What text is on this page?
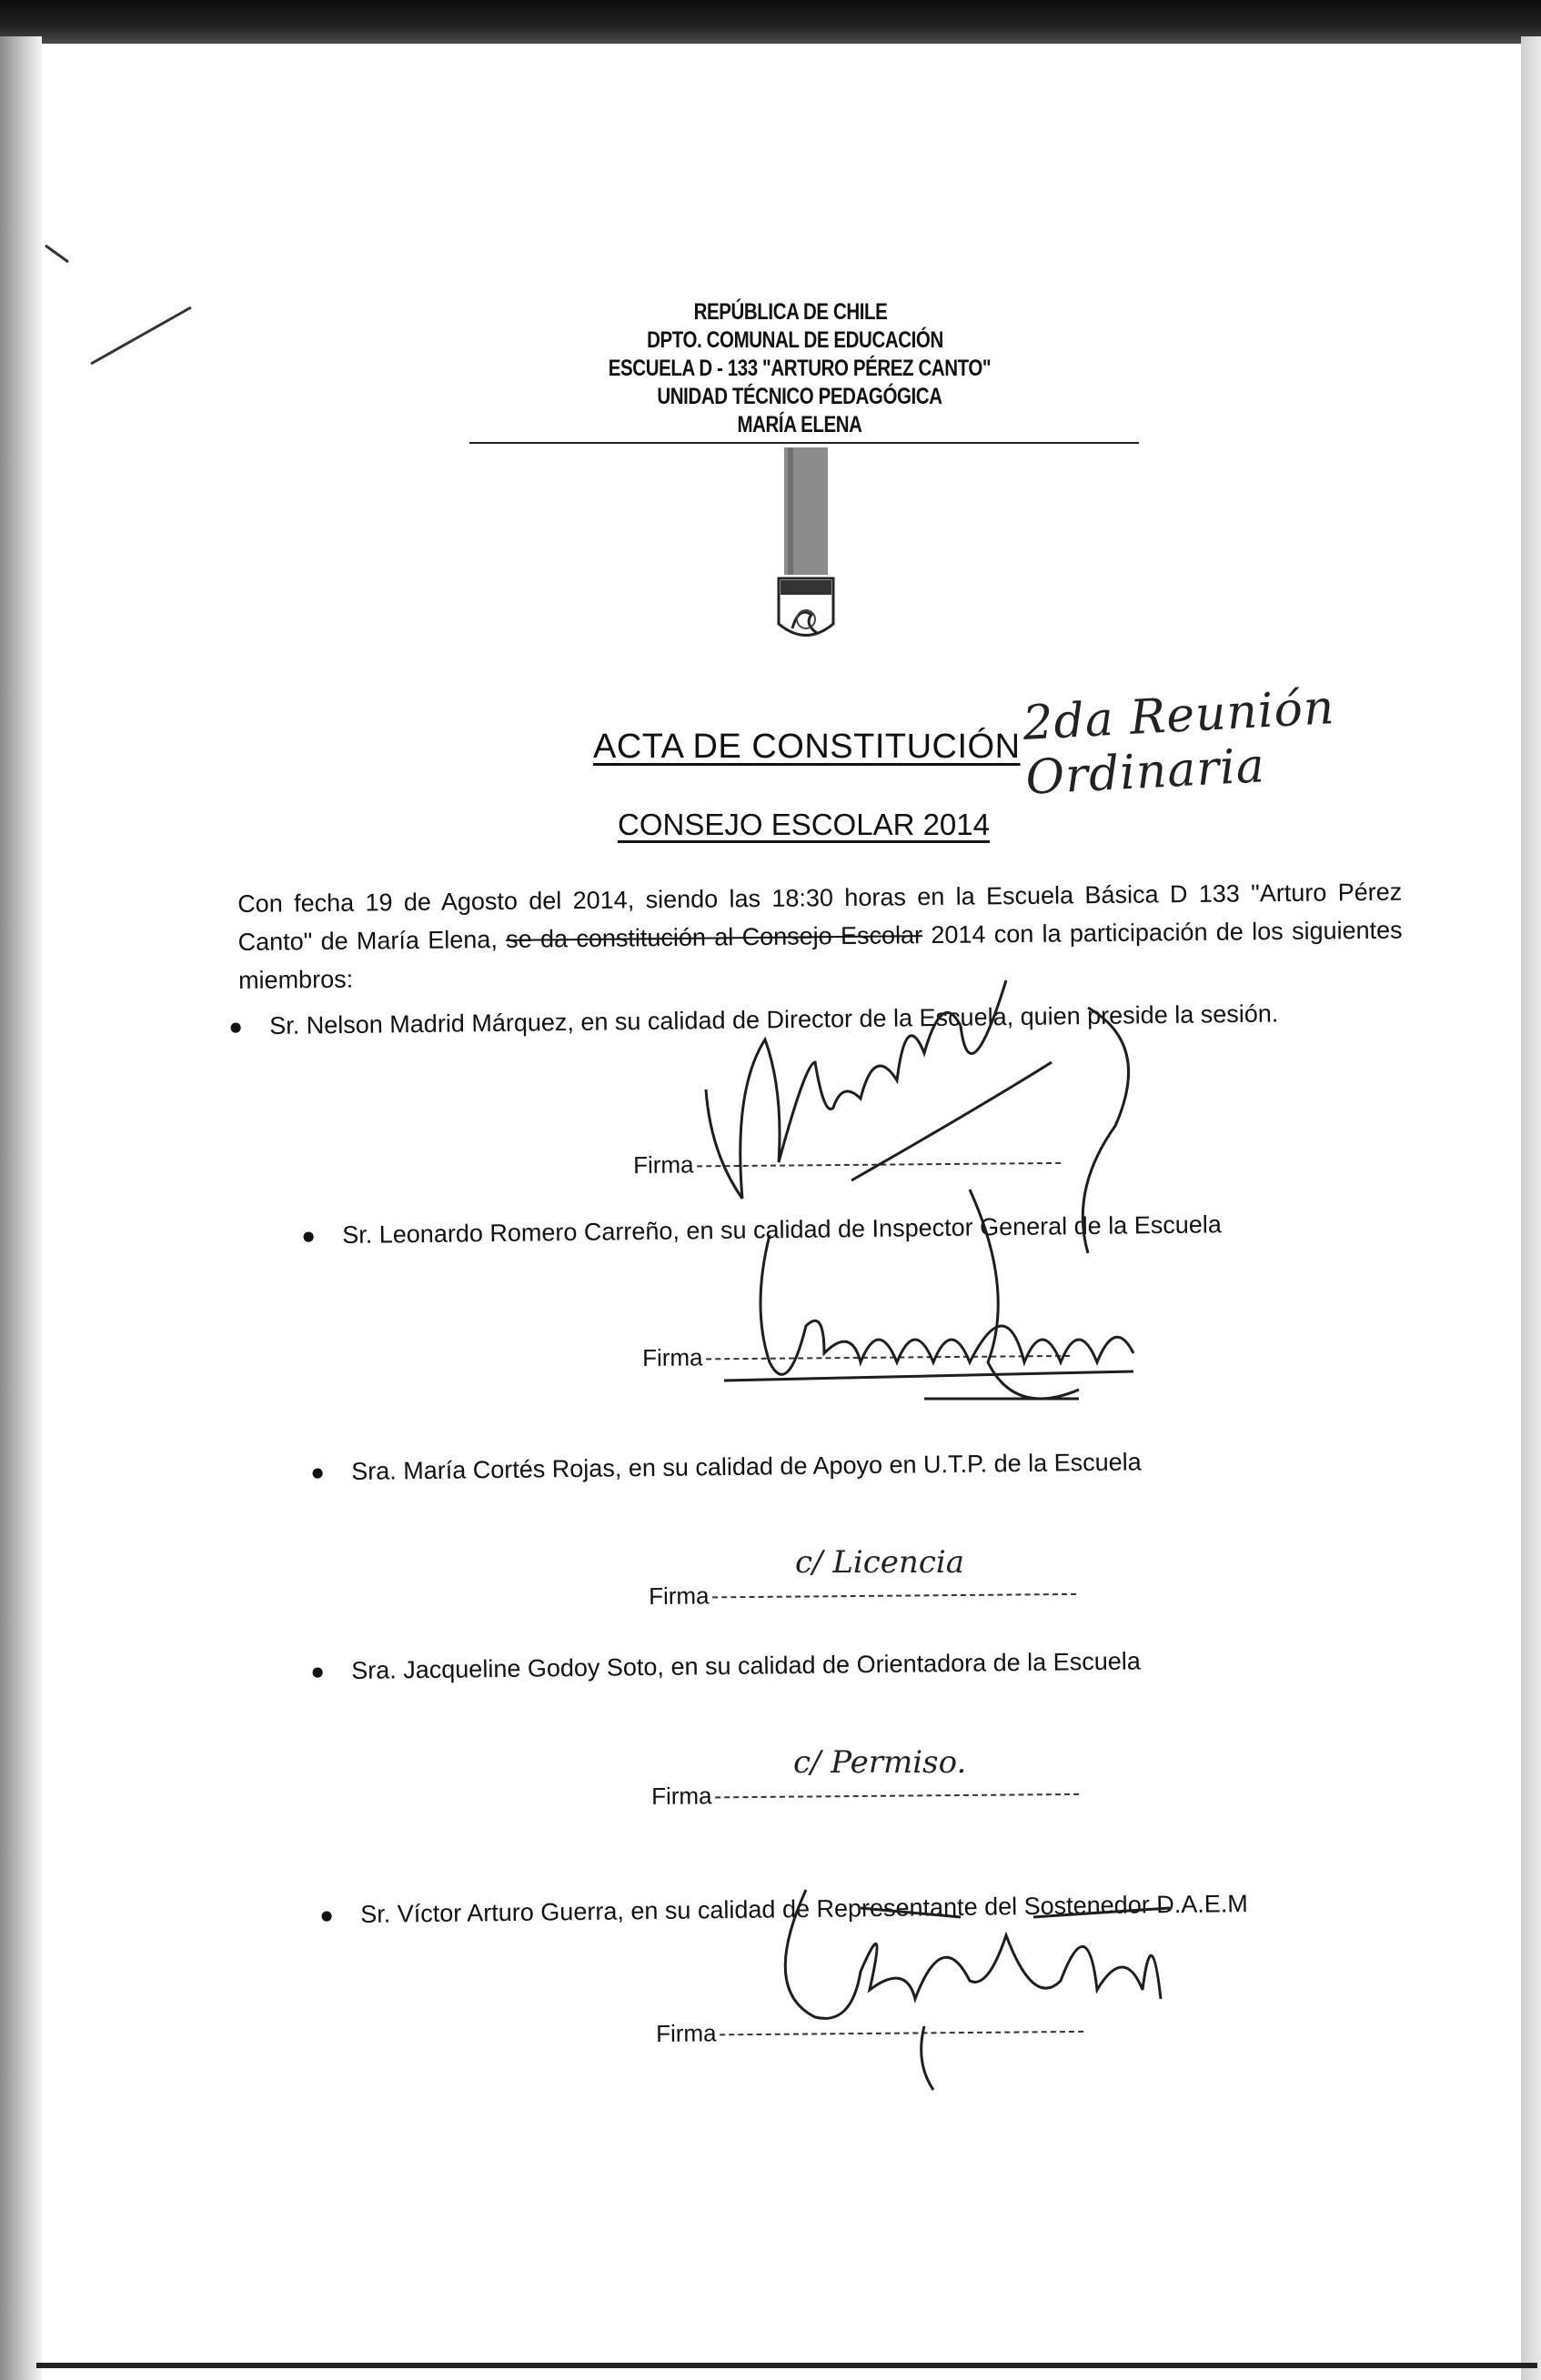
REPÚBLICA DE CHILE
DPTO. COMUNAL DE EDUCACIÓN
ESCUELA D - 133 "ARTURO PÉREZ CANTO"
UNIDAD TÉCNICO PEDAGÓGICA
MARÍA ELENA
ACTA DE CONSTITUCIÓN 2da Reunión Ordinaria
CONSEJO ESCOLAR 2014
Con fecha 19 de Agosto del 2014, siendo las 18:30 horas en la Escuela Básica D 133 "Arturo Pérez Canto" de María Elena, se da constitución al Consejo Escolar 2014 con la participación de los siguientes miembros:
● Sr. Nelson Madrid Márquez, en su calidad de Director de la Escuela, quien preside la sesión.
Firma
● Sr. Leonardo Romero Carreño, en su calidad de Inspector General de la Escuela
Firma
● Sra. María Cortés Rojas, en su calidad de Apoyo en U.T.P. de la Escuela
Firma
c/ Licencia
● Sra. Jacqueline Godoy Soto, en su calidad de Orientadora de la Escuela
Firma
c/ Permiso.
● Sr. Víctor Arturo Guerra, en su calidad de Representante del Sostenedor D.A.E.M
Firma
